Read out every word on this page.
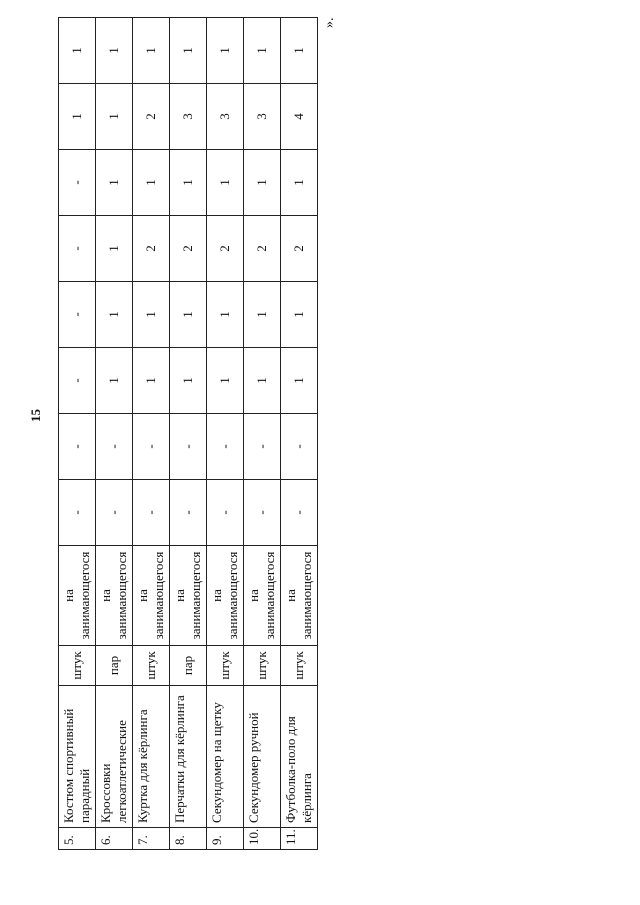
15
».
5.	Костюм спортивный парадный	штук	на занимающегося	-	-	-	-	-	-	1	1
6.	Кроссовки легкоатлетические	пар	на занимающегося	-	-	1	1	1	1	1	1
7.	Куртка для кёрлинга	штук	на занимающегося	-	-	1	1	2	1	2	1
8.	Перчатки для кёрлинга	пар	на занимающегося	-	-	1	1	2	1	3	1
9.	Секундомер на щетку	штук	на занимающегося	-	-	1	1	2	1	3	1
10.	Секундомер ручной	штук	на занимающегося	-	-	1	1	2	1	3	1
11.	Футболка-поло для кёрлинга	штук	на занимающегося	-	-	1	1	2	1	4	1
